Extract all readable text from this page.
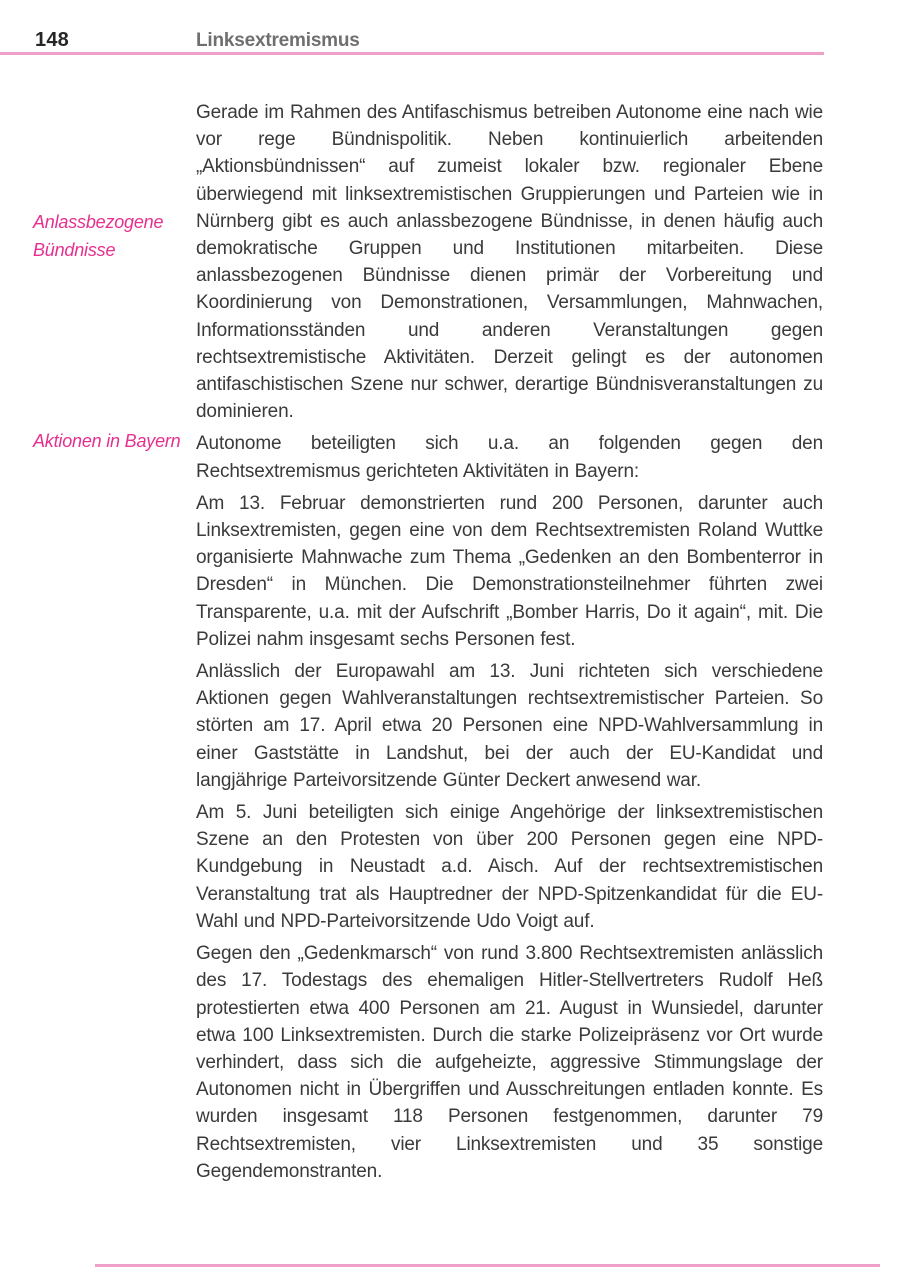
148	Linksextremismus
Anlassbezogene Bündnisse
Aktionen in Bayern

Gerade im Rahmen des Antifaschismus betreiben Autonome eine nach wie vor rege Bündnispolitik. Neben kontinuierlich arbeitenden „Aktionsbündnissen“ auf zumeist lokaler bzw. regionaler Ebene überwiegend mit linksextremistischen Gruppierungen und Parteien wie in Nürnberg gibt es auch anlassbezogene Bündnisse, in denen häufig auch demokratische Gruppen und Institutionen mitarbeiten. Diese anlassbezogenen Bündnisse dienen primär der Vorbereitung und Koordinierung von Demonstrationen, Versammlungen, Mahnwachen, Informationsständen und anderen Veranstaltungen gegen rechtsextremistische Aktivitäten. Derzeit gelingt es der autonomen antifaschistischen Szene nur schwer, derartige Bündnisveranstaltungen zu dominieren.

Autonome beteiligten sich u.a. an folgenden gegen den Rechtsextremismus gerichteten Aktivitäten in Bayern:

Am 13. Februar demonstrierten rund 200 Personen, darunter auch Linksextremisten, gegen eine von dem Rechtsextremisten Roland Wuttke organisierte Mahnwache zum Thema „Gedenken an den Bombenterror in Dresden“ in München. Die Demonstrationsteilnehmer führten zwei Transparente, u.a. mit der Aufschrift „Bomber Harris, Do it again“, mit. Die Polizei nahm insgesamt sechs Personen fest.

Anlässlich der Europawahl am 13. Juni richteten sich verschiedene Aktionen gegen Wahlveranstaltungen rechtsextremistischer Parteien. So störten am 17. April etwa 20 Personen eine NPD-Wahlversammlung in einer Gaststätte in Landshut, bei der auch der EU-Kandidat und langjährige Parteivorsitzende Günter Deckert anwesend war.

Am 5. Juni beteiligten sich einige Angehörige der linksextremistischen Szene an den Protesten von über 200 Personen gegen eine NPD-Kundgebung in Neustadt a.d. Aisch. Auf der rechtsextremistischen Veranstaltung trat als Hauptredner der NPD-Spitzenkandidat für die EU-Wahl und NPD-Parteivorsitzende Udo Voigt auf.

Gegen den „Gedenkmarsch“ von rund 3.800 Rechtsextremisten anlässlich des 17. Todestags des ehemaligen Hitler-Stellvertreters Rudolf Heß protestierten etwa 400 Personen am 21. August in Wunsiedel, darunter etwa 100 Linksextremisten. Durch die starke Polizeipräsenz vor Ort wurde verhindert, dass sich die aufgeheizte, aggressive Stimmungslage der Autonomen nicht in Übergriffen und Ausschreitungen entladen konnte. Es wurden insgesamt 118 Personen festgenommen, darunter 79 Rechtsextremisten, vier Linksextremisten und 35 sonstige Gegendemonstranten.
